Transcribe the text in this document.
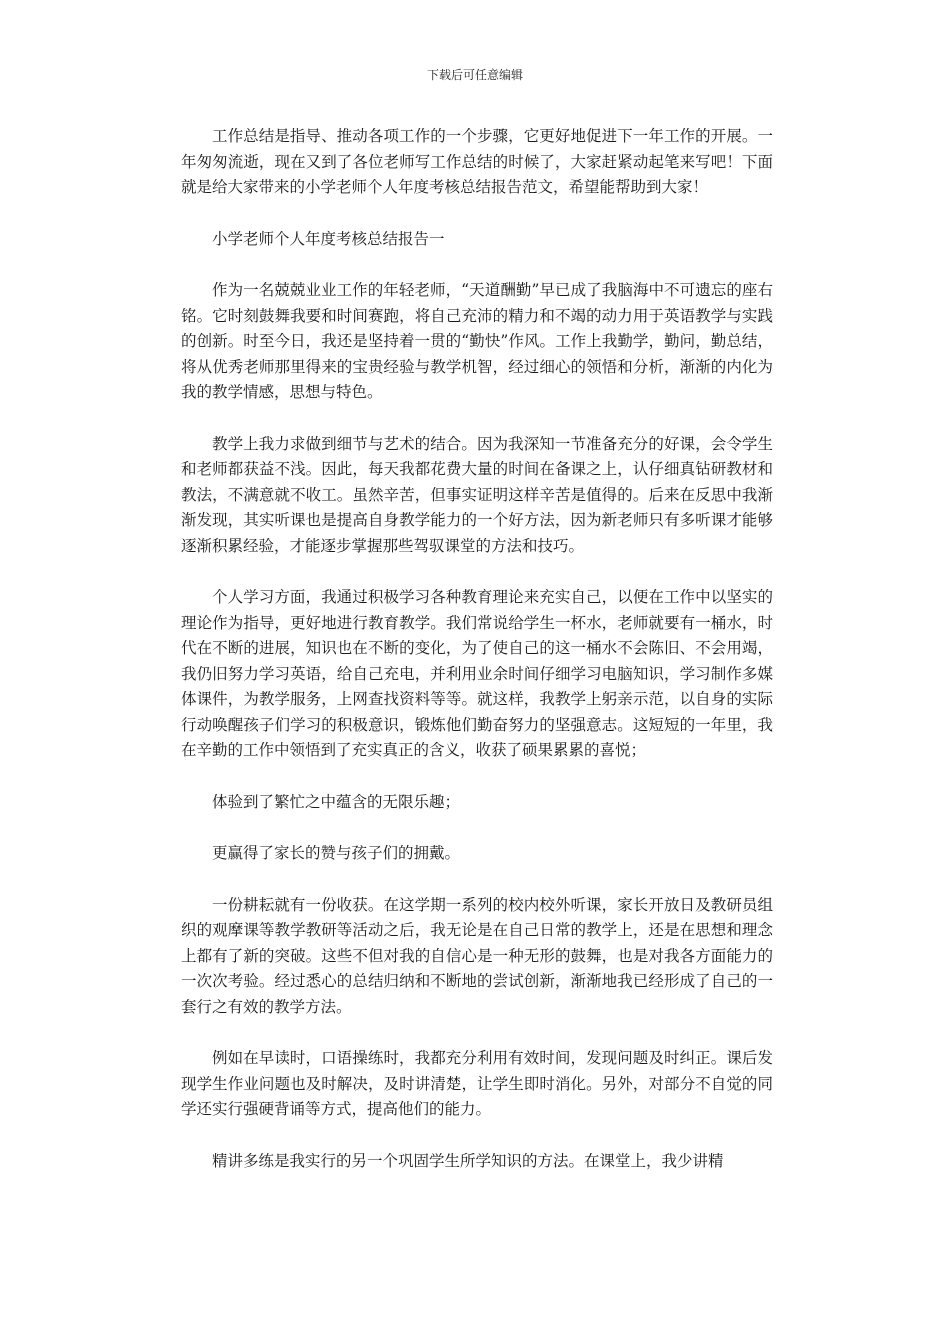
下载后可任意编辑

工作总结是指导、推动各项工作的一个步骤，它更好地促进下一年工作的开展。一年匆匆流逝，现在又到了各位老师写工作总结的时候了，大家赶紧动起笔来写吧！下面就是给大家带来的小学老师个人年度考核总结报告范文，希望能帮助到大家！

小学老师个人年度考核总结报告一

作为一名兢兢业业工作的年轻老师，“天道酬勤”早已成了我脑海中不可遗忘的座右铭。它时刻鼓舞我要和时间赛跑，将自己充沛的精力和不竭的动力用于英语教学与实践的创新。时至今日，我还是坚持着一贯的“勤快”作风。工作上我勤学，勤问，勤总结，将从优秀老师那里得来的宝贵经验与教学机智，经过细心的领悟和分析，渐渐的内化为我的教学情感，思想与特色。

教学上我力求做到细节与艺术的结合。因为我深知一节准备充分的好课，会令学生和老师都获益不浅。因此，每天我都花费大量的时间在备课之上，认仔细真钻研教材和教法，不满意就不收工。虽然辛苦，但事实证明这样辛苦是值得的。后来在反思中我渐渐发现，其实听课也是提高自身教学能力的一个好方法，因为新老师只有多听课才能够逐渐积累经验，才能逐步掌握那些驾驭课堂的方法和技巧。

个人学习方面，我通过积极学习各种教育理论来充实自己，以便在工作中以坚实的理论作为指导，更好地进行教育教学。我们常说给学生一杯水，老师就要有一桶水，时代在不断的进展，知识也在不断的变化，为了使自己的这一桶水不会陈旧、不会用竭，我仍旧努力学习英语，给自己充电，并利用业余时间仔细学习电脑知识，学习制作多媒体课件，为教学服务，上网查找资料等等。就这样，我教学上躬亲示范，以自身的实际行动唤醒孩子们学习的积极意识，锻炼他们勤奋努力的坚强意志。这短短的一年里，我在辛勤的工作中领悟到了充实真正的含义，收获了硕果累累的喜悦；

体验到了繁忙之中蕴含的无限乐趣；

更赢得了家长的赞与孩子们的拥戴。

一份耕耘就有一份收获。在这学期一系列的校内校外听课，家长开放日及教研员组织的观摩课等教学教研等活动之后，我无论是在自己日常的教学上，还是在思想和理念上都有了新的突破。这些不但对我的自信心是一种无形的鼓舞，也是对我各方面能力的一次次考验。经过悉心的总结归纳和不断地的尝试创新，渐渐地我已经形成了自己的一套行之有效的教学方法。

例如在早读时，口语操练时，我都充分利用有效时间，发现问题及时纠正。课后发现学生作业问题也及时解决，及时讲清楚，让学生即时消化。另外，对部分不自觉的同学还实行强硬背诵等方式，提高他们的能力。

精讲多练是我实行的另一个巩固学生所学知识的方法。在课堂上，我少讲精
